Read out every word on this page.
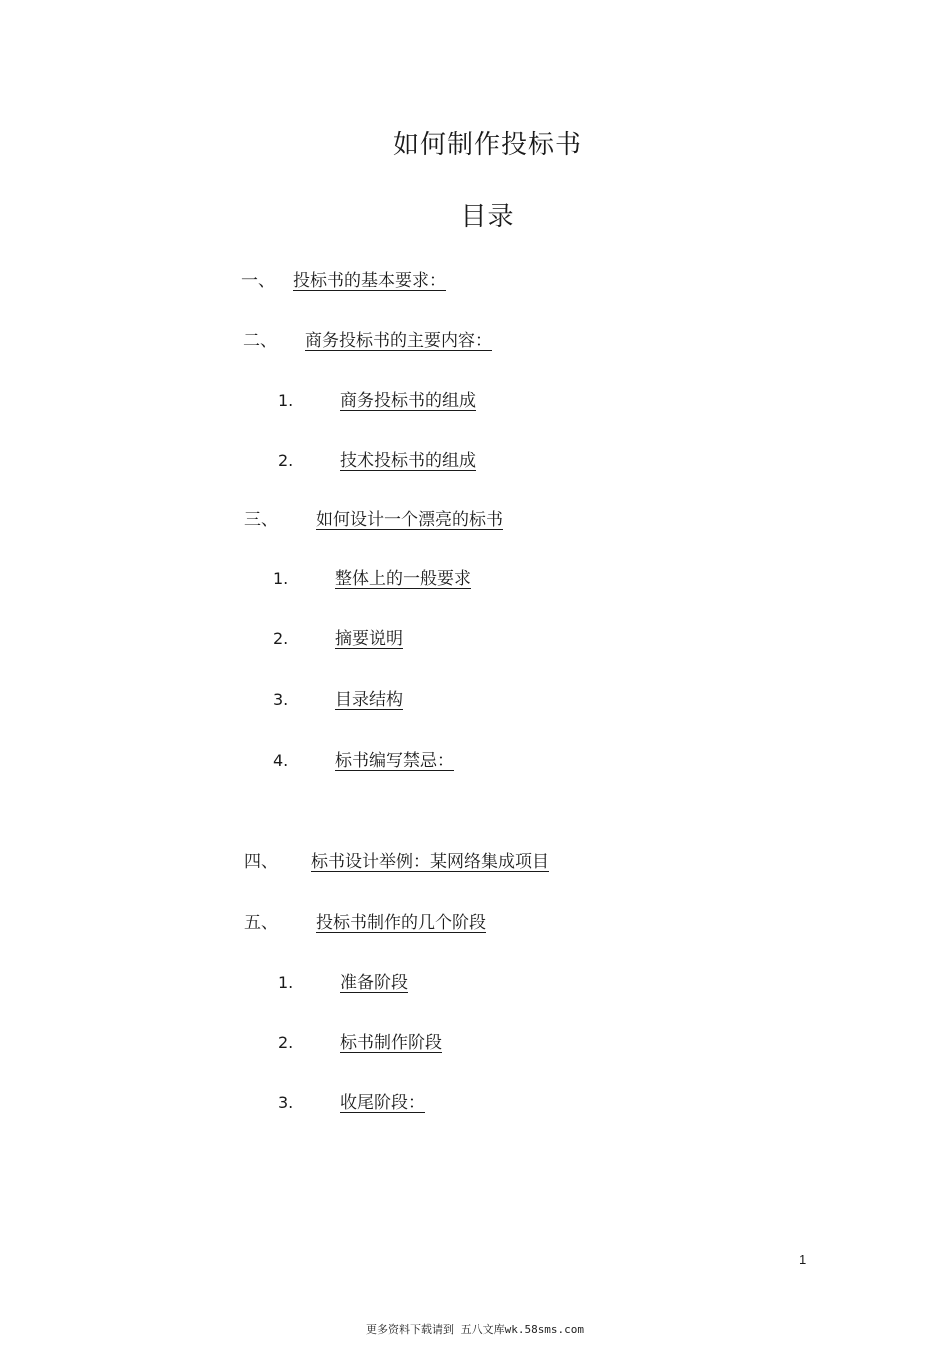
如何制作投标书
目录
一、 投标书的基本要求：
二、 商务投标书的主要内容：
1.	商务投标书的组成
2.	技术投标书的组成
三、 如何设计一个漂亮的标书
1.	整体上的一般要求
2.	摘要说明
3.	目录结构
4.	标书编写禁忌：
四、 标书设计举例：某网络集成项目
五、 投标书制作的几个阶段
1.	准备阶段
2.	标书制作阶段
3.	收尾阶段：
1
更多资料下载请到 五八文库wk.58sms.com
